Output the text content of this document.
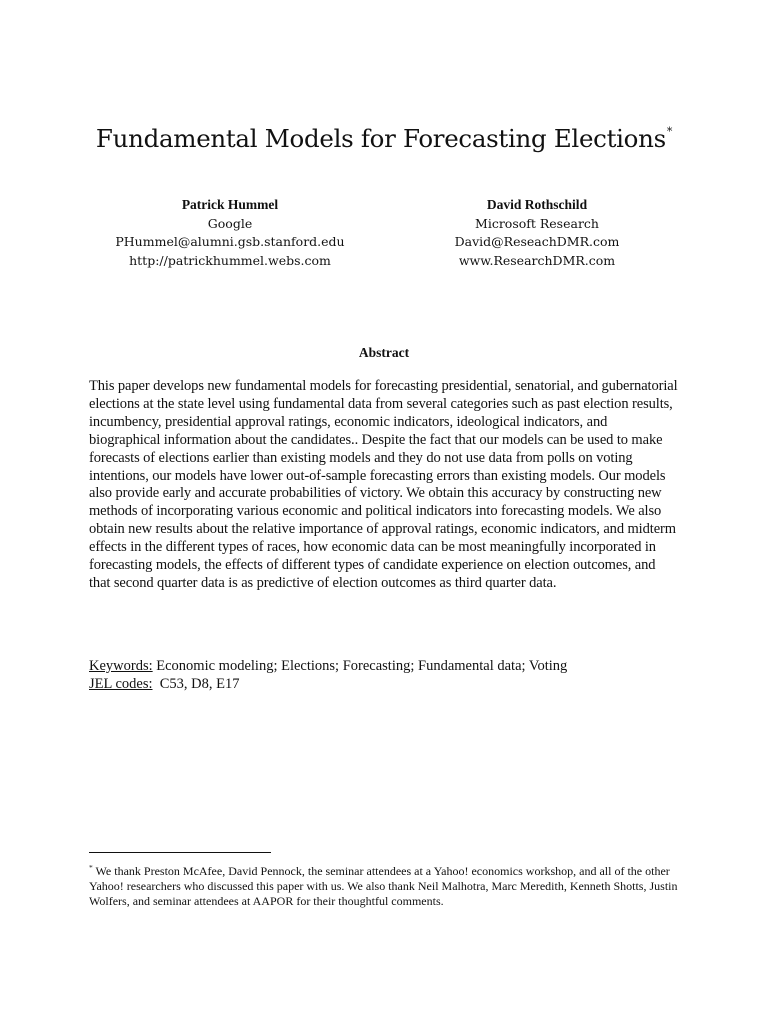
Fundamental Models for Forecasting Elections*
Patrick Hummel
Google
PHummel@alumni.gsb.stanford.edu
http://patrickhummel.webs.com
David Rothschild
Microsoft Research
David@ReseachDMR.com
www.ResearchDMR.com
Abstract

This paper develops new fundamental models for forecasting presidential, senatorial, and gubernatorial elections at the state level using fundamental data from several categories such as past election results, incumbency, presidential approval ratings, economic indicators, ideological indicators, and biographical information about the candidates.. Despite the fact that our models can be used to make forecasts of elections earlier than existing models and they do not use data from polls on voting intentions, our models have lower out-of-sample forecasting errors than existing models. Our models also provide early and accurate probabilities of victory. We obtain this accuracy by constructing new methods of incorporating various economic and political indicators into forecasting models. We also obtain new results about the relative importance of approval ratings, economic indicators, and midterm effects in the different types of races, how economic data can be most meaningfully incorporated in forecasting models, the effects of different types of candidate experience on election outcomes, and that second quarter data is as predictive of election outcomes as third quarter data.

Keywords: Economic modeling; Elections; Forecasting; Fundamental data; Voting
JEL codes: C53, D8, E17

* We thank Preston McAfee, David Pennock, the seminar attendees at a Yahoo! economics workshop, and all of the other Yahoo! researchers who discussed this paper with us. We also thank Neil Malhotra, Marc Meredith, Kenneth Shotts, Justin Wolfers, and seminar attendees at AAPOR for their thoughtful comments.
